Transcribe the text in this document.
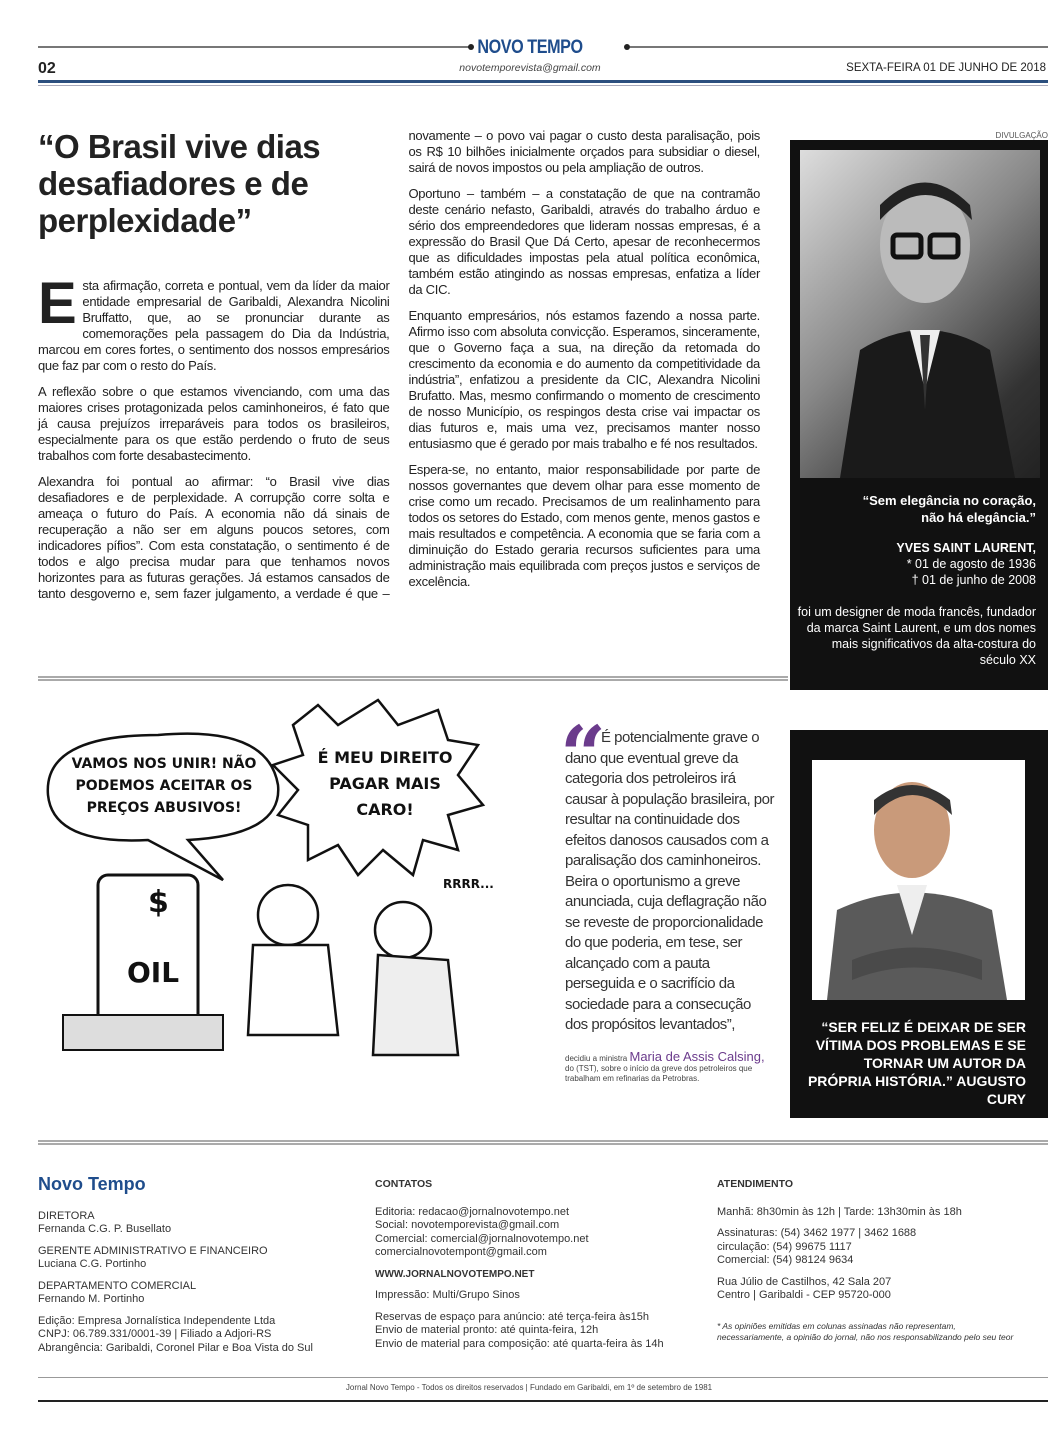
NOVO TEMPO
02	novotemporevista@gmail.com	SEXTA-FEIRA 01 DE JUNHO DE 2018
“O Brasil vive dias desafiadores e de perplexidade”

Esta afirmação, correta e pontual, vem da líder da maior entidade empresarial de Garibaldi, Alexandra Nicolini Bruffatto, que, ao se pronunciar durante as comemorações pela passagem do Dia da Indústria, marcou em cores fortes, o sentimento dos nossos empresários que faz par com o resto do País.

A reflexão sobre o que estamos vivenciando, com uma das maiores crises protagonizada pelos caminhoneiros, é fato que já causa prejuízos irreparáveis para todos os brasileiros, especialmente para os que estão perdendo o fruto de seus trabalhos com forte desabastecimento.

Alexandra foi pontual ao afirmar: “o Brasil vive dias desafiadores e de perplexidade. A corrupção corre solta e ameaça o futuro do País. A economia não dá sinais de recuperação a não ser em alguns poucos setores, com indicadores pífios”. Com esta constatação, o sentimento é de todos e algo precisa mudar para que tenhamos novos horizontes para as futuras gerações. Já estamos cansados de tanto desgoverno e, sem fazer julgamento, a verdade é que – novamente – o povo vai pagar o custo desta paralisação, pois os R$ 10 bilhões inicialmente orçados para subsidiar o diesel, sairá de novos impostos ou pela ampliação de outros.

Oportuno – também – a constatação de que na contramão deste cenário nefasto, Garibaldi, através do trabalho árduo e sério dos empreendedores que lideram nossas empresas, é a expressão do Brasil Que Dá Certo, apesar de reconhecermos que as dificuldades impostas pela atual política econômica, também estão atingindo as nossas empresas, enfatiza a líder da CIC.

Enquanto empresários, nós estamos fazendo a nossa parte. Afirmo isso com absoluta convicção. Esperamos, sinceramente, que o Governo faça a sua, na direção da retomada do crescimento da economia e do aumento da competitividade da indústria”, enfatizou a presidente da CIC, Alexandra Nicolini Brufatto. Mas, mesmo confirmando o momento de crescimento de nosso Município, os respingos desta crise vai impactar os dias futuros e, mais uma vez, precisamos manter nosso entusiasmo que é gerado por mais trabalho e fé nos resultados.

Espera-se, no entanto, maior responsabilidade por parte de nossos governantes que devem olhar para esse momento de crise como um recado. Precisamos de um realinhamento para todos os setores do Estado, com menos gente, menos gastos e mais resultados e competência. A economia que se faria com a diminuição do Estado geraria recursos suficientes para uma administração mais equilibrada com preços justos e serviços de excelência.

DIVULGAÇÃO
“Sem elegância no coração, não há elegância.”

YVES SAINT LAURENT,

* 01 de agosto de 1936

† 01 de junho de 2008

foi um designer de moda francês, fundador da marca Saint Laurent, e um dos nomes mais significativos da alta-costura do século XX

VAMOS NOS UNIR! NÃO PODEMOS ACEITAR OS PREÇOS ABUSIVOS!
É MEU DIREITO PAGAR MAIS CARO!
$
OIL
RRRR...
“
É potencialmente grave o dano que eventual greve da categoria dos petroleiros irá causar à população brasileira, por resultar na continuidade dos efeitos danosos causados com a paralisação dos caminhoneiros. Beira o oportunismo a greve anunciada, cuja deflagração não se reveste de proporcionalidade do que poderia, em tese, ser alcançado com a pauta perseguida e o sacrifício da sociedade para a consecução dos propósitos levantados”,
decidiu a ministra Maria de Assis Calsing, do (TST), sobre o início da greve dos petroleiros que trabalham em refinarias da Petrobras.
“SER FELIZ É DEIXAR DE SER VÍTIMA DOS PROBLEMAS E SE TORNAR UM AUTOR DA PRÓPRIA HISTÓRIA.” AUGUSTO CURY
Novo Tempo
DIRETORA
Fernanda C.G. P. Busellato
GERENTE ADMINISTRATIVO E FINANCEIRO
Luciana C.G. Portinho
DEPARTAMENTO COMERCIAL
Fernando M. Portinho
Edição: Empresa Jornalística Independente Ltda
CNPJ: 06.789.331/0001-39 | Filiado a Adjori-RS
Abrangência: Garibaldi, Coronel Pilar e Boa Vista do Sul
CONTATOS
Editoria: redacao@jornalnovotempo.net
Social: novotemporevista@gmail.com
Comercial: comercial@jornalnovotempo.net
comercialnovotempont@gmail.com
WWW.JORNALNOVOTEMPO.NET
Impressão: Multi/Grupo Sinos
Reservas de espaço para anúncio: até terça-feira às15h
Envio de material pronto: até quinta-feira, 12h
Envio de material para composição: até quarta-feira às 14h
ATENDIMENTO
Manhã: 8h30min às 12h | Tarde: 13h30min às 18h
Assinaturas: (54) 3462 1977 | 3462 1688
circulação: (54) 99675 1117
Comercial: (54) 98124 9634
Rua Júlio de Castilhos, 42 Sala 207
Centro | Garibaldi - CEP 95720-000
* As opiniões emitidas em colunas assinadas não representam, necessariamente, a opinião do jornal, não nos responsabilizando pelo seu teor
Jornal Novo Tempo - Todos os direitos reservados | Fundado em Garibaldi, em 1º de setembro de 1981
